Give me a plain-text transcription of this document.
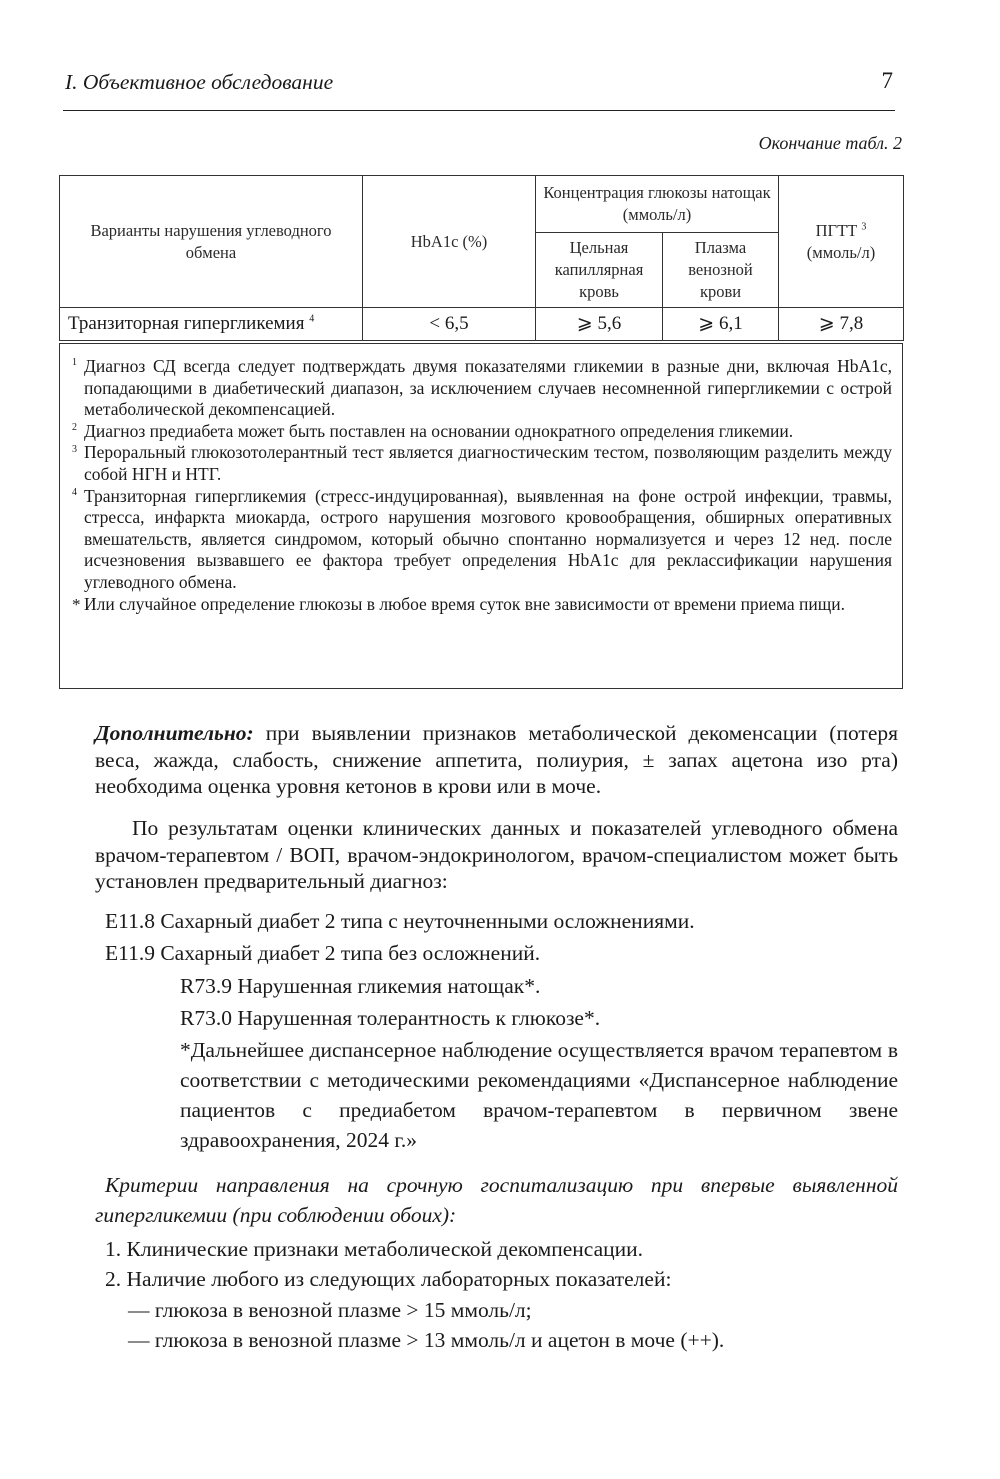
I. Объективное обследование	7
Окончание табл. 2
Варианты нарушения углеводного обмена	HbA1c (%)	Концентрация глюкозы натощак (ммоль/л)		ПГТТ $^3$
(ммоль/л)
		Цельная капиллярная кровь	Плазма венозной крови	
Транзиторная гипергликемия $^4$	< 6,5	⩾ 5,6	⩾ 6,1	⩾ 7,8
1 Диагноз СД всегда следует подтверждать двумя показателями гликемии в разные дни, включая HbA1c, попадающими в диабетический диапазон, за исключением случаев несомненной гипергликемии с острой метаболической декомпенсацией.
2 Диагноз предиабета может быть поставлен на основании однократного определения гликемии.
3 Пероральный глюкозотолерантный тест является диагностическим тестом, позволяющим разделить между собой НГН и НТГ.
4 Транзиторная гипергликемия (стресс-индуцированная), выявленная на фоне острой инфекции, травмы, стресса, инфаркта миокарда, острого нарушения мозгового кровообращения, обширных оперативных вмешательств, является синдромом, который обычно спонтанно нормализуется и через 12 нед. после исчезновения вызвавшего ее фактора требует определения HbA1c для реклассификации нарушения углеводного обмена.
* Или случайное определение глюкозы в любое время суток вне зависимости от времени приема пищи.
Дополнительно: при выявлении признаков метаболической декоменсации (потеря веса, жажда, слабость, снижение аппетита, полиурия, ± запах ацетона изо рта) необходима оценка уровня кетонов в крови или в моче.
По результатам оценки клинических данных и показателей углеводного обмена врачом-терапевтом / ВОП, врачом-эндокринологом, врачом-специалистом может быть установлен предварительный диагноз:
Е11.8 Сахарный диабет 2 типа с неуточненными осложнениями.
Е11.9 Сахарный диабет 2 типа без осложнений.
R73.9 Нарушенная гликемия натощак*.
R73.0 Нарушенная толерантность к глюкозе*.
*Дальнейшее диспансерное наблюдение осуществляется врачом терапевтом в соответствии с методическими рекомендациями «Диспансерное наблюдение пациентов с предиабетом врачом-терапевтом в первичном звене здравоохранения, 2024 г.»
Критерии направления на срочную госпитализацию при впервые выявленной гипергликемии (при соблюдении обоих):
1. Клинические признаки метаболической декомпенсации.
2. Наличие любого из следующих лабораторных показателей:
— глюкоза в венозной плазме > 15 ммоль/л;
— глюкоза в венозной плазме > 13 ммоль/л и ацетон в моче (++).
